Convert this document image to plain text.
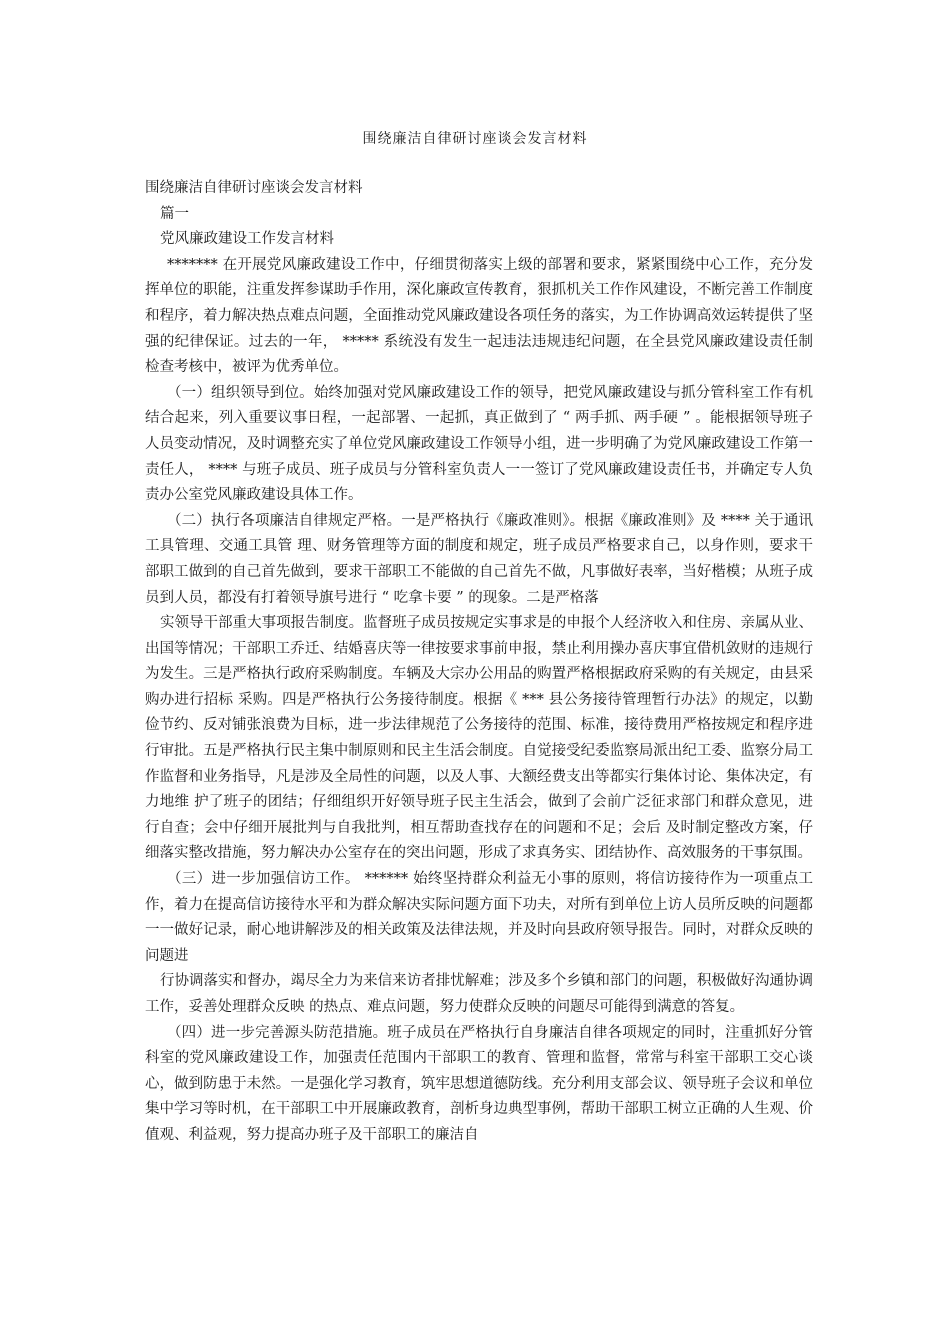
围绕廉洁自律研讨座谈会发言材料

围绕廉洁自律研讨座谈会发言材料

篇一

党风廉政建设工作发言材料

******* 在开展党风廉政建设工作中，仔细贯彻落实上级的部署和要求，紧紧围绕中心工作，充分发挥单位的职能，注重发挥参谋助手作用，深化廉政宣传教育，狠抓机关工作作风建设，不断完善工作制度和程序，着力解决热点难点问题，全面推动党风廉政建设各项任务的落实，为工作协调高效运转提供了坚强的纪律保证。过去的一年， ***** 系统没有发生一起违法违规违纪问题，在全县党风廉政建设责任制检查考核中，被评为优秀单位。

（一）组织领导到位。始终加强对党风廉政建设工作的领导，把党风廉政建设与抓分管科室工作有机结合起来，列入重要议事日程，一起部署、一起抓，真正做到了 “ 两手抓、两手硬 ” 。能根据领导班子人员变动情况，及时调整充实了单位党风廉政建设工作领导小组，进一步明确了为党风廉政建设工作第一责任人， **** 与班子成员、班子成员与分管科室负责人一一签订了党风廉政建设责任书，并确定专人负责办公室党风廉政建设具体工作。

（二）执行各项廉洁自律规定严格。一是严格执行《廉政准则》。根据《廉政准则》及 **** 关于通讯工具管理、交通工具管 理、财务管理等方面的制度和规定，班子成员严格要求自己，以身作则，要求干部职工做到的自己首先做到，要求干部职工不能做的自己首先不做，凡事做好表率，当好楷模；从班子成员到人员，都没有打着领导旗号进行 “ 吃拿卡要 ” 的现象。二是严格落

实领导干部重大事项报告制度。监督班子成员按规定实事求是的申报个人经济收入和住房、亲属从业、出国等情况；干部职工乔迁、结婚喜庆等一律按要求事前申报，禁止利用操办喜庆事宜借机敛财的违规行为发生。三是严格执行政府采购制度。车辆及大宗办公用品的购置严格根据政府采购的有关规定，由县采购办进行招标 采购。四是严格执行公务接待制度。根据《 *** 县公务接待管理暂行办法》的规定，以勤俭节约、反对铺张浪费为目标，进一步法律规范了公务接待的范围、标准，接待费用严格按规定和程序进行审批。五是严格执行民主集中制原则和民主生活会制度。自觉接受纪委监察局派出纪工委、监察分局工作监督和业务指导，凡是涉及全局性的问题，以及人事、大额经费支出等都实行集体讨论、集体决定，有力地维 护了班子的团结；仔细组织开好领导班子民主生活会，做到了会前广泛征求部门和群众意见，进行自查；会中仔细开展批判与自我批判，相互帮助查找存在的问题和不足；会后 及时制定整改方案，仔细落实整改措施，努力解决办公室存在的突出问题，形成了求真务实、团结协作、高效服务的干事氛围。

（三）进一步加强信访工作。 ****** 始终坚持群众利益无小事的原则，将信访接待作为一项重点工作，着力在提高信访接待水平和为群众解决实际问题方面下功夫，对所有到单位上访人员所反映的问题都一一做好记录，耐心地讲解涉及的相关政策及法律法规，并及时向县政府领导报告。同时，对群众反映的问题进

行协调落实和督办，竭尽全力为来信来访者排忧解难；涉及多个乡镇和部门的问题，积极做好沟通协调工作，妥善处理群众反映 的热点、难点问题，努力使群众反映的问题尽可能得到满意的答复。

（四）进一步完善源头防范措施。班子成员在严格执行自身廉洁自律各项规定的同时，注重抓好分管科室的党风廉政建设工作，加强责任范围内干部职工的教育、管理和监督，常常与科室干部职工交心谈心，做到防患于未然。一是强化学习教育，筑牢思想道德防线。充分利用支部会议、领导班子会议和单位集中学习等时机，在干部职工中开展廉政教育，剖析身边典型事例，帮助干部职工树立正确的人生观、价值观、利益观，努力提高办班子及干部职工的廉洁自
